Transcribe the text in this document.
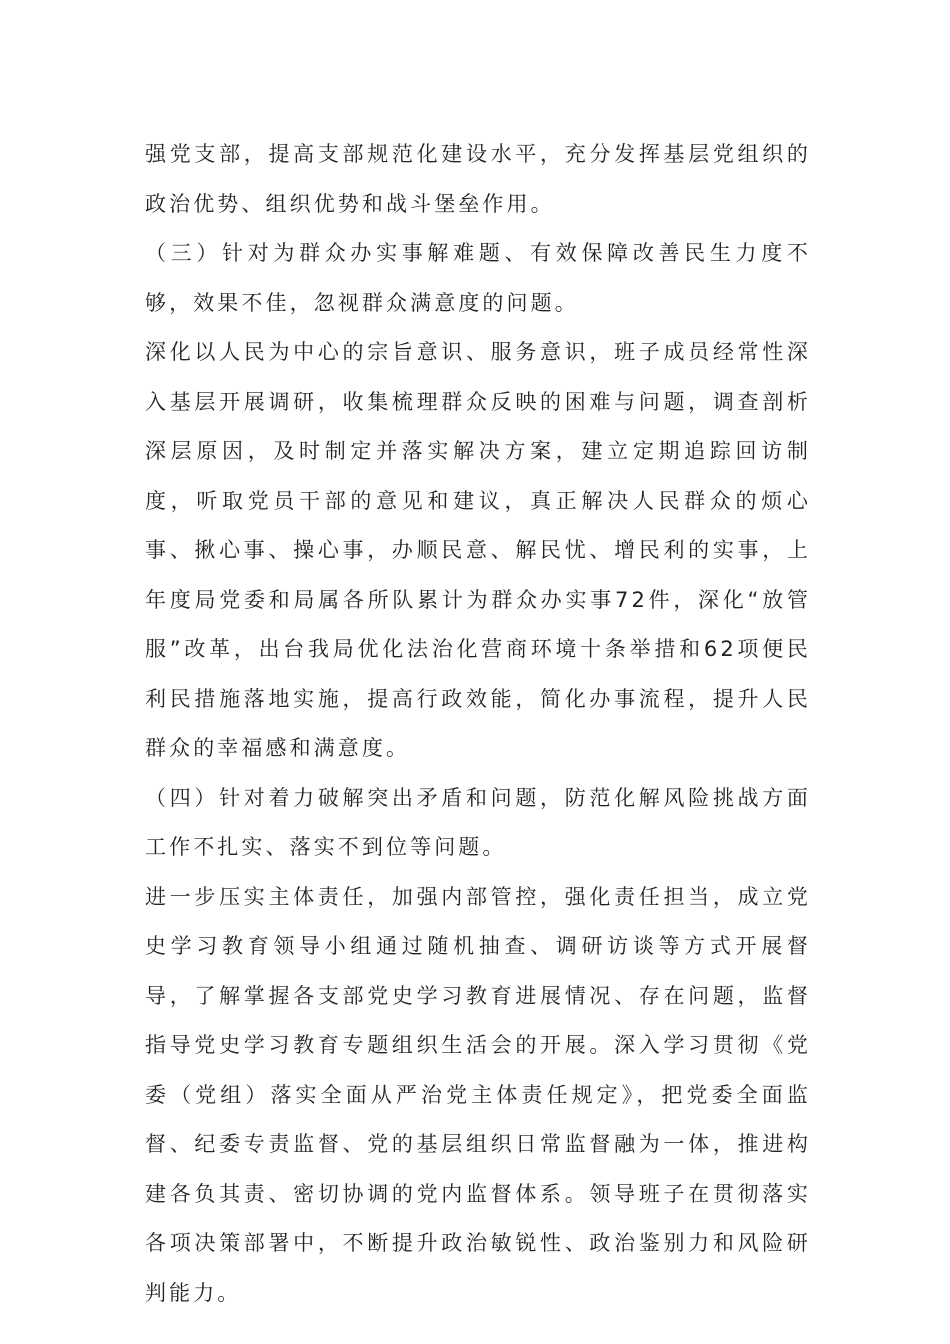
强党支部，提高支部规范化建设水平，充分发挥基层党组织的政治优势、组织优势和战斗堡垒作用。

（三）针对为群众办实事解难题、有效保障改善民生力度不够，效果不佳，忽视群众满意度的问题。

深化以人民为中心的宗旨意识、服务意识，班子成员经常性深入基层开展调研，收集梳理群众反映的困难与问题，调查剖析深层原因，及时制定并落实解决方案，建立定期追踪回访制度，听取党员干部的意见和建议，真正解决人民群众的烦心事、揪心事、操心事，办顺民意、解民忧、增民利的实事，上年度局党委和局属各所队累计为群众办实事72件，深化“放管服”改革，出台我局优化法治化营商环境十条举措和62项便民利民措施落地实施，提高行政效能，简化办事流程，提升人民群众的幸福感和满意度。

（四）针对着力破解突出矛盾和问题，防范化解风险挑战方面工作不扎实、落实不到位等问题。

进一步压实主体责任，加强内部管控，强化责任担当，成立党史学习教育领导小组通过随机抽查、调研访谈等方式开展督导，了解掌握各支部党史学习教育进展情况、存在问题，监督指导党史学习教育专题组织生活会的开展。深入学习贯彻《党委（党组）落实全面从严治党主体责任规定》，把党委全面监督、纪委专责监督、党的基层组织日常监督融为一体，推进构建各负其责、密切协调的党内监督体系。领导班子在贯彻落实各项决策部署中，不断提升政治敏锐性、政治鉴别力和风险研判能力。
